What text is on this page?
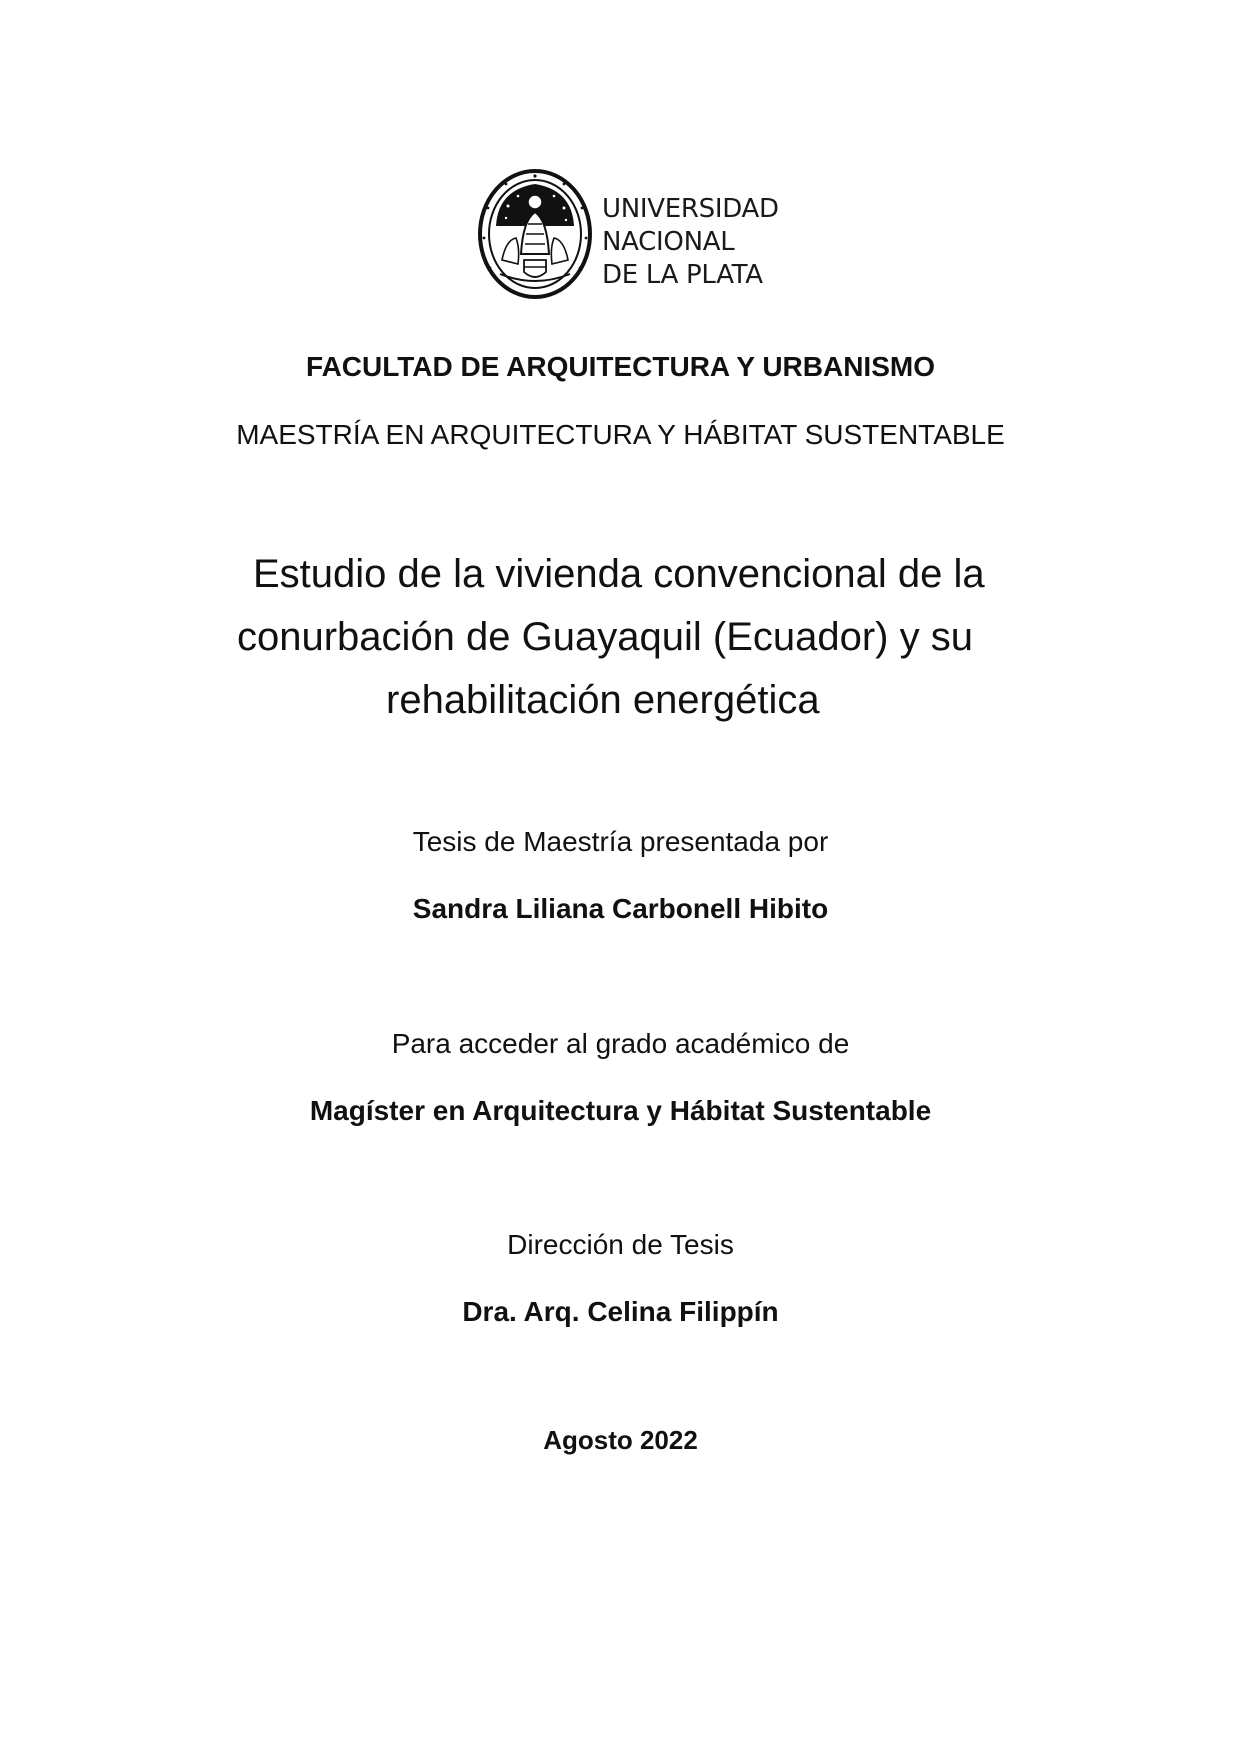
UNIVERSIDAD
NACIONAL
DE LA PLATA
FACULTAD DE ARQUITECTURA Y URBANISMO
MAESTRÍA EN ARQUITECTURA Y HÁBITAT SUSTENTABLE
Estudio de la vivienda convencional de la
conurbación de Guayaquil (Ecuador) y su
rehabilitación energética
Tesis de Maestría presentada por
Sandra Liliana Carbonell Hibito
Para acceder al grado académico de
Magíster en Arquitectura y Hábitat Sustentable
Dirección de Tesis
Dra. Arq. Celina Filippín
Agosto 2022
